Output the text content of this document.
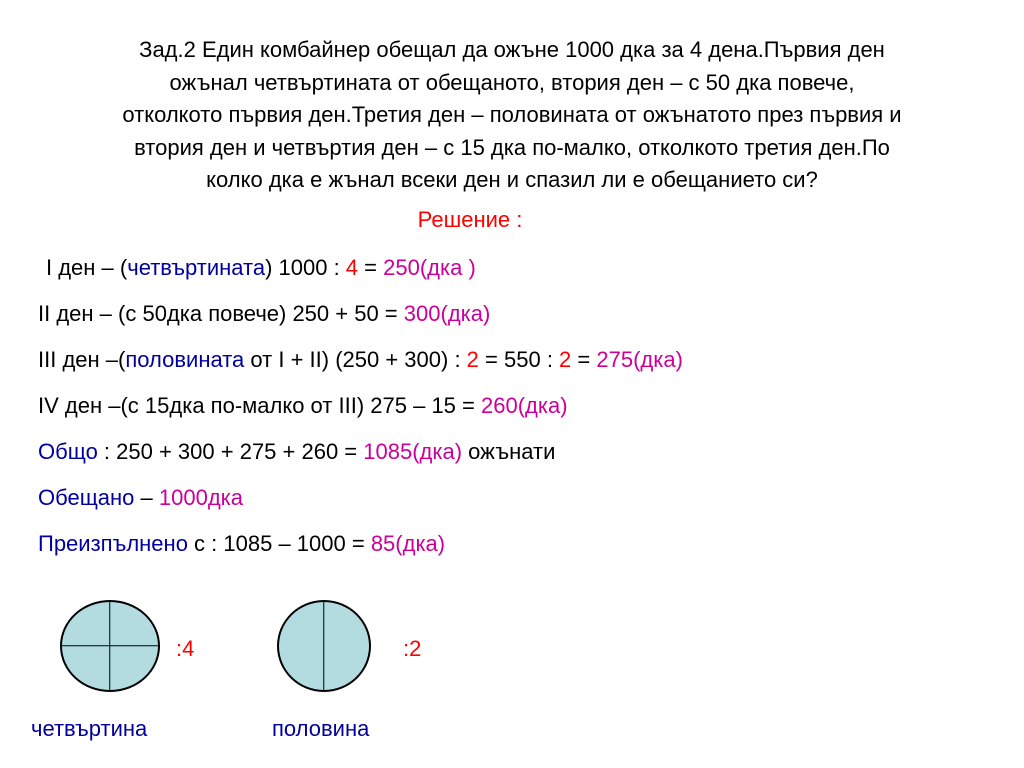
Зад.2 Един комбайнер обещал да ожъне 1000 дка за 4 дена.Първия ден
ожънал четвъртината от обещаното, втория ден – с 50 дка повече,
отколкото първия ден.Третия ден – половината от ожънатото през първия и
втория ден и четвъртия ден – с 15 дка по-малко, отколкото третия ден.По
колко дка е жънал всеки ден и спазил ли е обещанието си?
Решение :
I ден – (четвъртината) 1000 : 4 = 250(дка )
II ден – (с 50дка повече) 250 + 50 = 300(дка)
III ден –(половината от I + II) (250 + 300) : 2 = 550 : 2 = 275(дка)
IV ден –(с 15дка по-малко от III) 275 – 15 = 260(дка)
Общо : 250 + 300 + 275 + 260 = 1085(дка) ожънати
Обещано – 1000дка
Преизпълнено с : 1085 – 1000 = 85(дка)
:4	:2
четвъртина	половина
